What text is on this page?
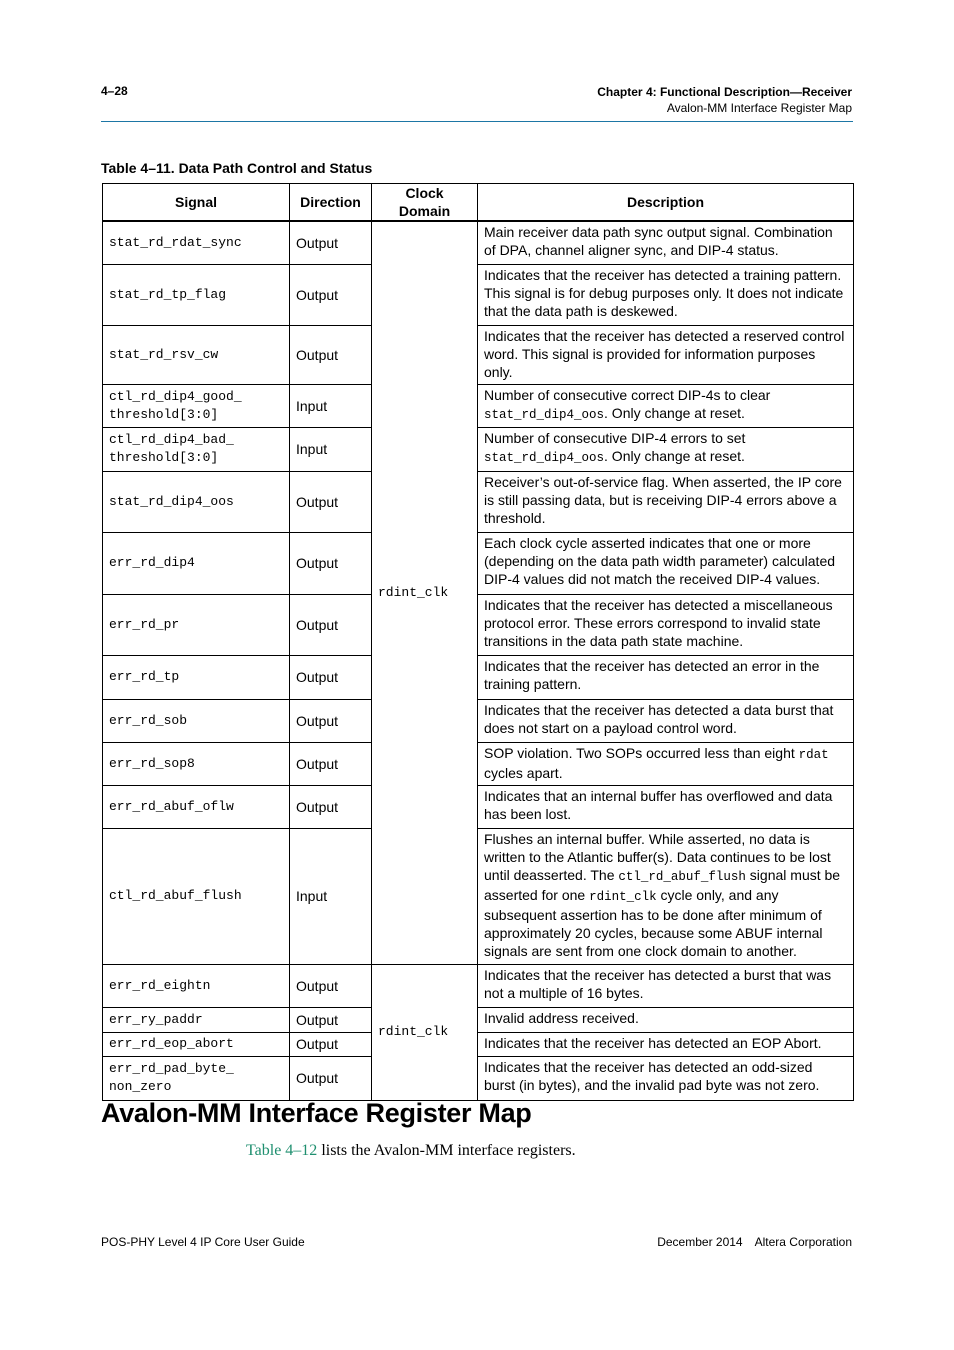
4–28	Chapter 4: Functional Description—Receiver
Avalon-MM Interface Register Map
Table 4–11. Data Path Control and Status
Signal	Direction	Clock Domain	Description
stat_rd_rdat_sync	Output	rdint_clk	Main receiver data path sync output signal. Combination of DPA, channel aligner sync, and DIP-4 status.
stat_rd_tp_flag	Output		Indicates that the receiver has detected a training pattern. This signal is for debug purposes only. It does not indicate that the data path is deskewed.
stat_rd_rsv_cw	Output		Indicates that the receiver has detected a reserved control word. This signal is provided for information purposes only.
ctl_rd_dip4_good_
threshold[3:0]	Input		Number of consecutive correct DIP-4s to clear
stat_rd_dip4_oos. Only change at reset.
ctl_rd_dip4_bad_
threshold[3:0]	Input		Number of consecutive DIP-4 errors to set
stat_rd_dip4_oos. Only change at reset.
stat_rd_dip4_oos	Output		Receiver’s out-of-service flag. When asserted, the IP core is still passing data, but is receiving DIP-4 errors above a threshold.
err_rd_dip4	Output		Each clock cycle asserted indicates that one or more (depending on the data path width parameter) calculated DIP-4 values did not match the received DIP-4 values.
err_rd_pr	Output		Indicates that the receiver has detected a miscellaneous protocol error. These errors correspond to invalid state transitions in the data path state machine.
err_rd_tp	Output		Indicates that the receiver has detected an error in the training pattern.
err_rd_sob	Output		Indicates that the receiver has detected a data burst that does not start on a payload control word.
err_rd_sop8	Output		SOP violation. Two SOPs occurred less than eight rdat cycles apart.
err_rd_abuf_oflw	Output		Indicates that an internal buffer has overflowed and data has been lost.
ctl_rd_abuf_flush	Input		Flushes an internal buffer. While asserted, no data is written to the Atlantic buffer(s). Data continues to be lost until deasserted. The ctl_rd_abuf_flush signal must be asserted for one rdint_clk cycle only, and any subsequent assertion has to be done after minimum of approximately 20 cycles, because some ABUF internal signals are sent from one clock domain to another.
err_rd_eightn	Output	rdint_clk	Indicates that the receiver has detected a burst that was not a multiple of 16 bytes.
err_ry_paddr	Output		Invalid address received.
err_rd_eop_abort	Output		Indicates that the receiver has detected an EOP Abort.
err_rd_pad_byte_
non_zero	Output		Indicates that the receiver has detected an odd-sized burst (in bytes), and the invalid pad byte was not zero.
Avalon-MM Interface Register Map
Table 4–12 lists the Avalon-MM interface registers.
POS-PHY Level 4 IP Core User Guide	December 2014 Altera Corporation
